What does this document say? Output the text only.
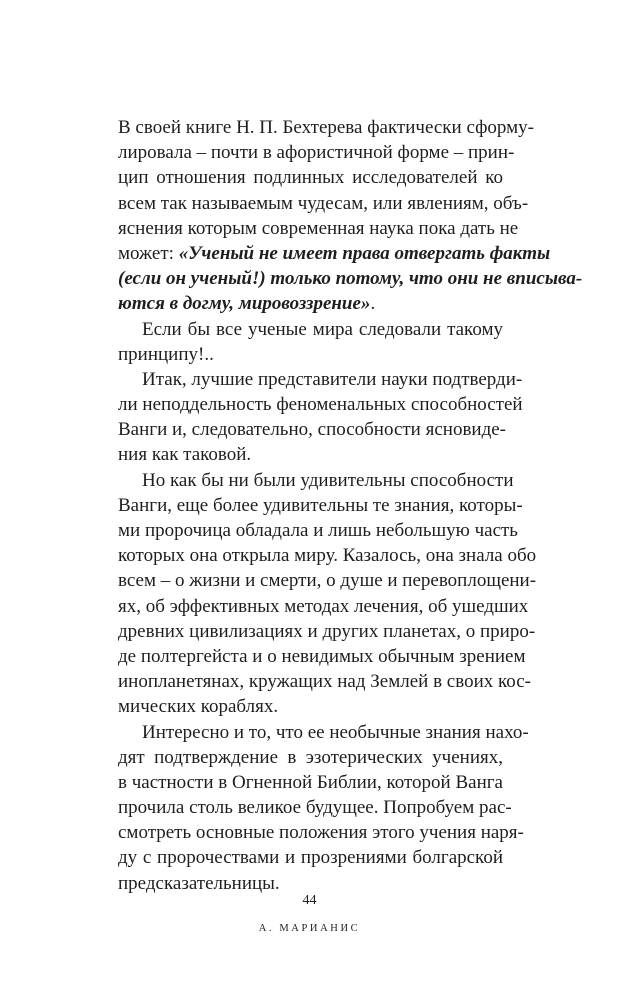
В своей книге Н. П. Бехтерева фактически сформу-
лировала – почти в афористичной форме – прин-
цип отношения подлинных исследователей ко
всем так называемым чудесам, или явлениям, объ-
яснения которым современная наука пока дать не
может: «Ученый не имеет права отвергать факты
(если он ученый!) только потому, что они не вписыва-
ются в догму, мировоззрение».
Если бы все ученые мира следовали такому
принципу!..
Итак, лучшие представители науки подтверди-
ли неподдельность феноменальных способностей
Ванги и, следовательно, способности ясновиде-
ния как таковой.
Но как бы ни были удивительны способности
Ванги, еще более удивительны те знания, которы-
ми пророчица обладала и лишь небольшую часть
которых она открыла миру. Казалось, она знала обо
всем – о жизни и смерти, о душе и перевоплощени-
ях, об эффективных методах лечения, об ушедших
древних цивилизациях и других планетах, о приро-
де полтергейста и о невидимых обычным зрением
инопланетянах, кружащих над Землей в своих кос-
мических кораблях.
Интересно и то, что ее необычные знания нахо-
дят подтверждение в эзотерических учениях,
в частности в Огненной Библии, которой Ванга
прочила столь великое будущее. Попробуем рас-
смотреть основные положения этого учения наря-
ду с пророчествами и прозрениями болгарской
предсказательницы.
44
А. МАРИАНИС
